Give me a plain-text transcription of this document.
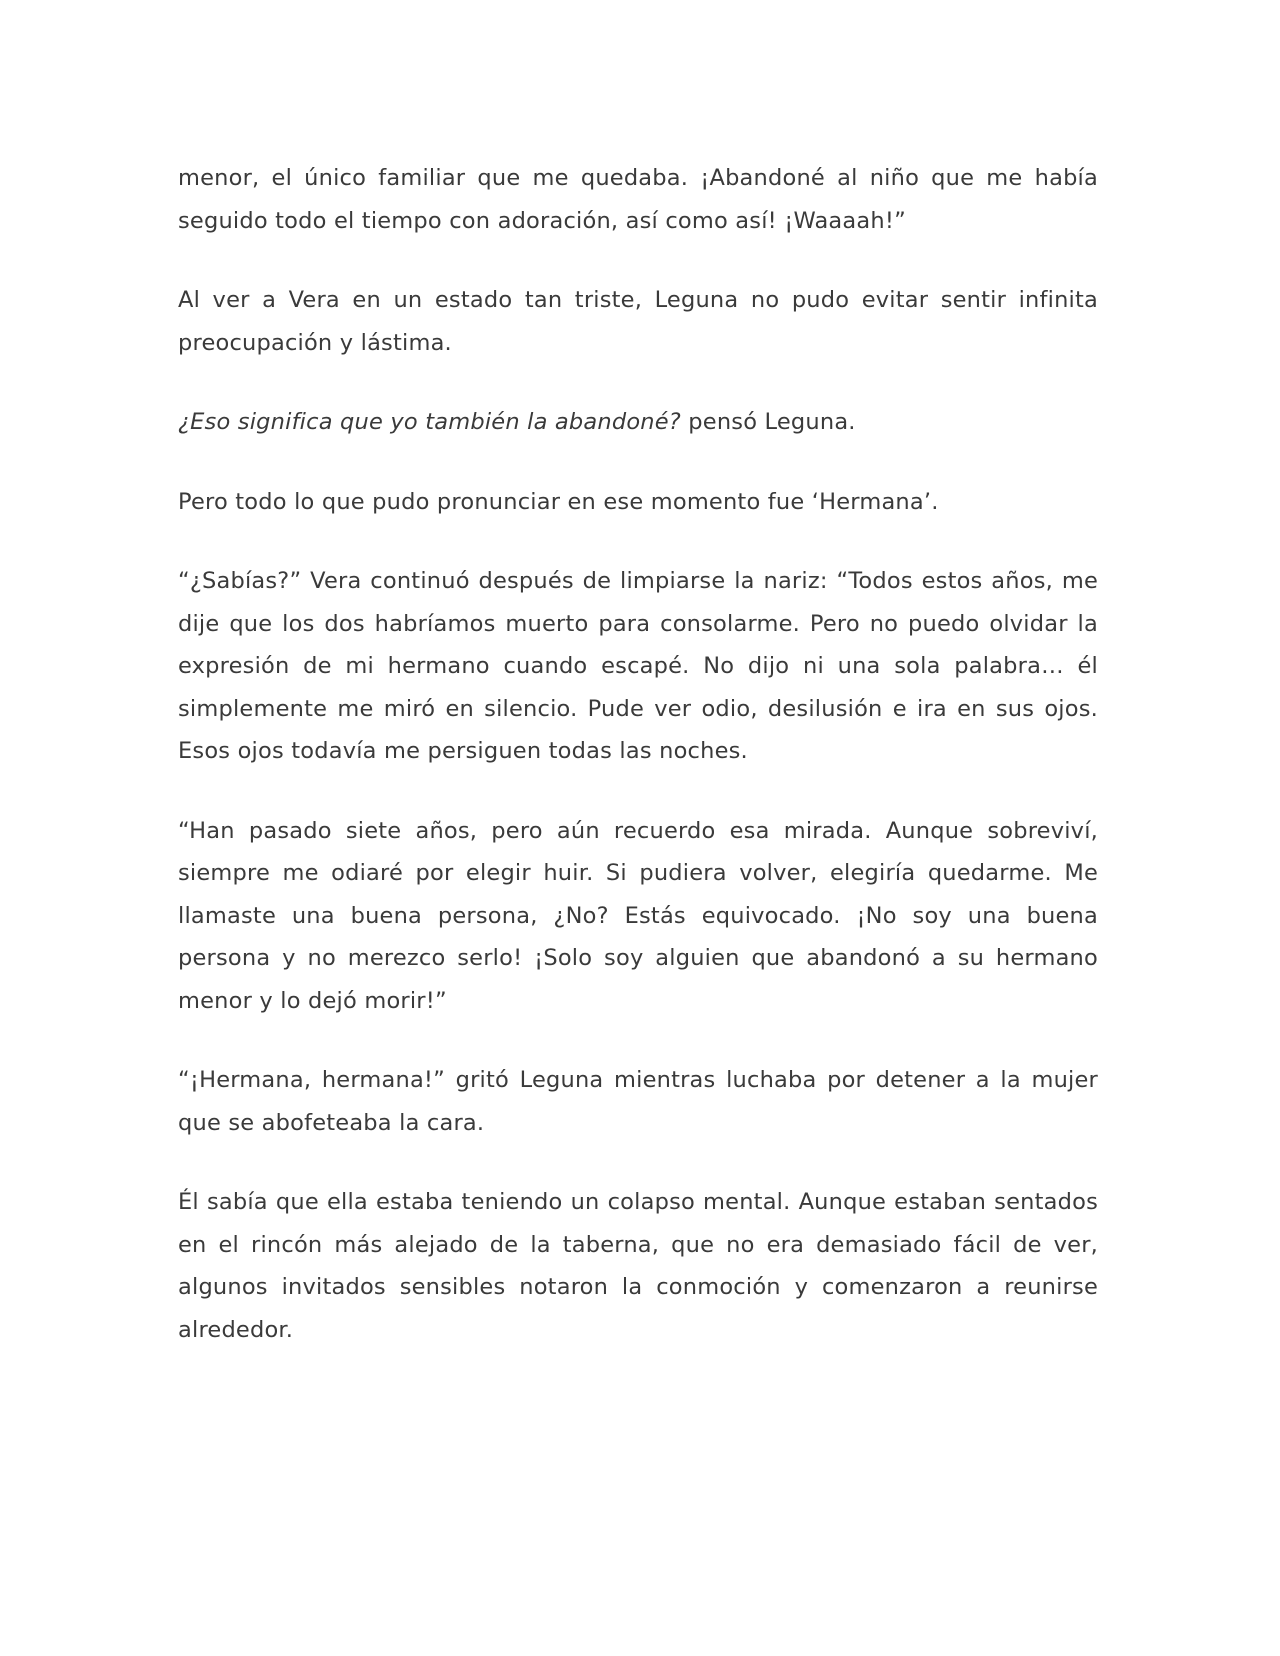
menor, el único familiar que me quedaba. ¡Abandoné al niño que me había seguido todo el tiempo con adoración, así como así! ¡Waaaah!”

Al ver a Vera en un estado tan triste, Leguna no pudo evitar sentir infinita preocupación y lástima.

¿Eso significa que yo también la abandoné? pensó Leguna.

Pero todo lo que pudo pronunciar en ese momento fue ‘Hermana’.

“¿Sabías?” Vera continuó después de limpiarse la nariz: “Todos estos años, me dije que los dos habríamos muerto para consolarme. Pero no puedo olvidar la expresión de mi hermano cuando escapé. No dijo ni una sola palabra… él simplemente me miró en silencio. Pude ver odio, desilusión e ira en sus ojos. Esos ojos todavía me persiguen todas las noches.

“Han pasado siete años, pero aún recuerdo esa mirada. Aunque sobreviví, siempre me odiaré por elegir huir. Si pudiera volver, elegiría quedarme. Me llamaste una buena persona, ¿No? Estás equivocado. ¡No soy una buena persona y no merezco serlo! ¡Solo soy alguien que abandonó a su hermano menor y lo dejó morir!”

“¡Hermana, hermana!” gritó Leguna mientras luchaba por detener a la mujer que se abofeteaba la cara.

Él sabía que ella estaba teniendo un colapso mental. Aunque estaban sentados en el rincón más alejado de la taberna, que no era demasiado fácil de ver, algunos invitados sensibles notaron la conmoción y comenzaron a reunirse alrededor.
